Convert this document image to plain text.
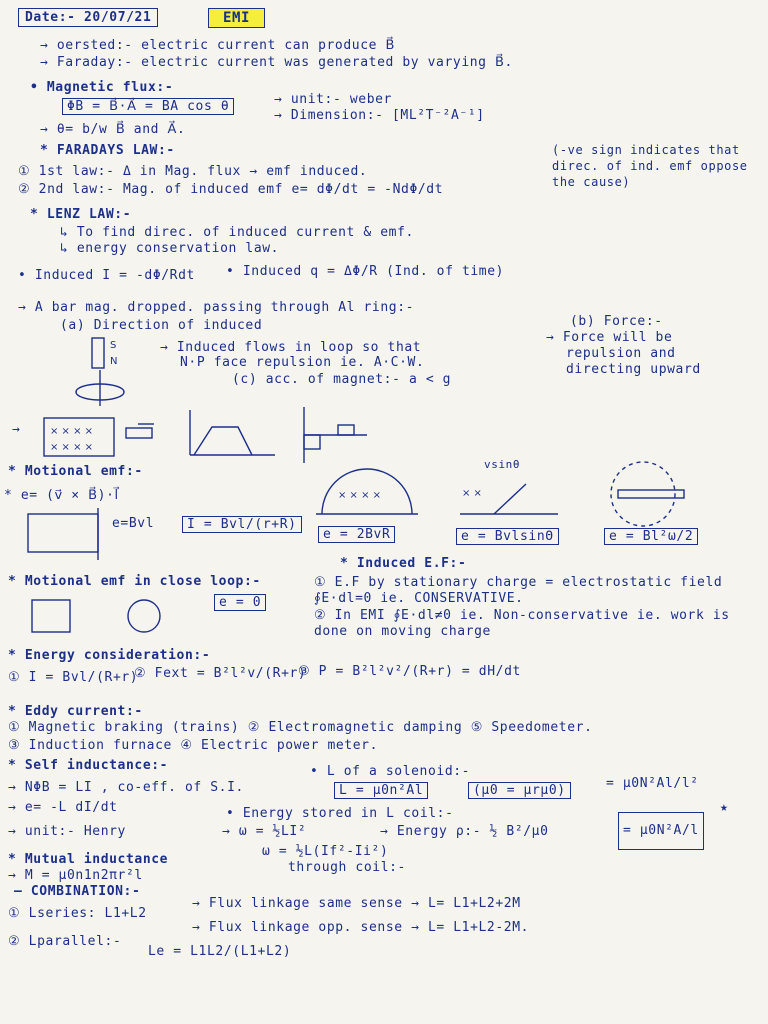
Date:- 20/07/21	EMI
→ oersted:- electric current can produce B⃗
→ Faraday:- electric current was generated by varying B⃗.
• Magnetic flux:-
ΦB = B⃗·A⃗ = BA cos θ	→ unit:- weber
→ Dimension:- [ML²T⁻²A⁻¹]
→ θ= b/w B⃗ and A⃗.
* FARADAYS LAW:-
① 1st law:- Δ in Mag. flux → emf induced.
② 2nd law:- Mag. of induced emf e= dΦ/dt = -NdΦ/dt
(-ve sign indicates that direc. of ind. emf oppose the cause)
* LENZ LAW:-
↳ To find direc. of induced current & emf.
↳ energy conservation law.
• Induced I = -dΦ/Rdt • Induced q = ΔΦ/R (Ind. of time)
→ A bar mag. dropped. passing through Al ring:-
(a) Direction of induced
→ Induced flows in loop so that
N·P face repulsion ie. A·C·W.
(c) acc. of magnet:- a < g
(b) Force:-
→ Force will be
repulsion and
directing upward
S
N
→	× × × ×
× × × ×
* Motional emf:-
* e= (v⃗ × B⃗)·l⃗
e=Bvl	I = Bvl/(r+R)
× × × ×
e = 2BvR
× ×
vsinθ
e = BvlsinΘ	e = Bl²ω/2
* Motional emf in close loop:-
e = 0
* Induced E.F:-
① E.F by stationary charge = electrostatic field ∮E·dl=0 ie. CONSERVATIVE.
② In EMI ∮E·dl≠0 ie. Non-conservative ie. work is done on moving charge
* Energy consideration:-
① I = Bvl/(R+r)
② Fext = B²l²v/(R+r)
③ P = B²l²v²/(R+r) = dH/dt
* Eddy current:-
① Magnetic braking (trains) ② Electromagnetic damping ⑤ Speedometer.
③ Induction furnace ④ Electric power meter.
* Self inductance:-
→ NΦB = LI , co-eff. of S.I.
→ e= -L dI/dt
→ unit:- Henry
• L of a solenoid:-
L = μ0n²Al	(μ0 = μrμ0)	= μ0N²Al/l²
= μ0N²A/l
★
• Energy stored in L coil:-
→ ω = ½LI²	→ Energy ρ:- ½ B²/μ0
ω = ½L(If²-Ii²)
through coil:-
* Mutual inductance
→ M = μ0n1n2πr²l
— COMBINATION:-
① Lseries: L1+L2
→ Flux linkage same sense → L= L1+L2+2M
→ Flux linkage opp. sense → L= L1+L2-2M.
② Lparallel:-
Le = L1L2/(L1+L2)
